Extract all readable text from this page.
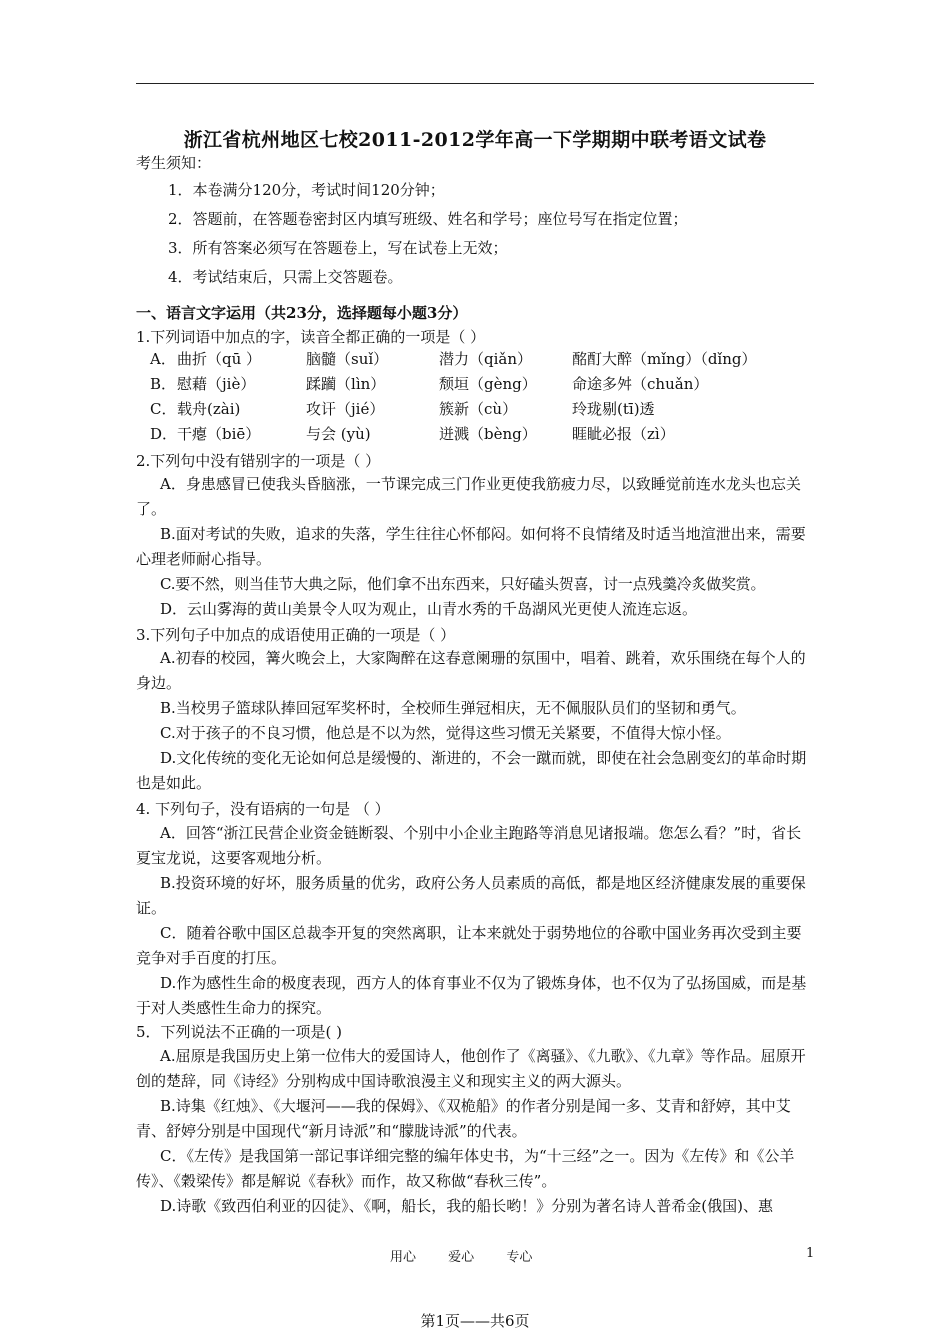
浙江省杭州地区七校2011-2012学年高一下学期期中联考语文试卷
考生须知：
1．本卷满分120分，考试时间120分钟；
2．答题前，在答题卷密封区内填写班级、姓名和学号；座位号写在指定位置；
3．所有答案必须写在答题卷上，写在试卷上无效；
4．考试结束后，只需上交答题卷。
一、语言文字运用（共23分，选择题每小题3分）
1.下列词语中加点的字，读音全都正确的一项是（ ）
A．	曲折（qū ）	脑髓（suǐ）	潜力（qiǎn）	酩酊大醉（mǐng）（dǐng）
B．	慰藉（jiè）	蹂躏（lìn）	颓垣（gèng）	命途多舛（chuǎn）
C．	载舟(zài)	攻讦（jié）	簇新（cù）	玲珑剔(tī)透
D．	干瘪（biē）	与会 (yù)	迸溅（bèng）	睚眦必报（zì）
2.下列句中没有错别字的一项是（ ）

A．身患感冒已使我头昏脑涨，一节课完成三门作业更使我筋疲力尽，以致睡觉前连水龙头也忘关了。

B.面对考试的失败，追求的失落，学生往往心怀郁闷。如何将不良情绪及时适当地渲泄出来，需要心理老师耐心指导。

C.要不然，则当佳节大典之际，他们拿不出东西来，只好磕头贺喜，讨一点残羹冷炙做奖赏。

D．云山雾海的黄山美景令人叹为观止，山青水秀的千岛湖风光更使人流连忘返。

3.下列句子中加点的成语使用正确的一项是（ ）

A.初春的校园，篝火晚会上，大家陶醉在这春意阑珊的氛围中，唱着、跳着，欢乐围绕在每个人的身边。

B.当校男子篮球队捧回冠军奖杯时，全校师生弹冠相庆，无不佩服队员们的坚韧和勇气。

C.对于孩子的不良习惯，他总是不以为然，觉得这些习惯无关紧要，不值得大惊小怪。

D.文化传统的变化无论如何总是缓慢的、渐进的，不会一蹴而就，即使在社会急剧变幻的革命时期也是如此。

4. 下列句子，没有语病的一句是 （ ）

A．回答“浙江民营企业资金链断裂、个别中小企业主跑路等消息见诸报端。您怎么看？”时，省长夏宝龙说，这要客观地分析。

B.投资环境的好坏，服务质量的优劣，政府公务人员素质的高低，都是地区经济健康发展的重要保证。

C．随着谷歌中国区总裁李开复的突然离职，让本来就处于弱势地位的谷歌中国业务再次受到主要竞争对手百度的打压。

D.作为感性生命的极度表现，西方人的体育事业不仅为了锻炼身体，也不仅为了弘扬国威，而是基于对人类感性生命力的探究。

5．下列说法不正确的一项是( )

A.屈原是我国历史上第一位伟大的爱国诗人，他创作了《离骚》、《九歌》、《九章》等作品。屈原开创的楚辞，同《诗经》分别构成中国诗歌浪漫主义和现实主义的两大源头。

B.诗集《红烛》、《大堰河——我的保姆》、《双桅船》的作者分别是闻一多、艾青和舒婷，其中艾青、舒婷分别是中国现代“新月诗派”和“朦胧诗派”的代表。

C．《左传》是我国第一部记事详细完整的编年体史书，为“十三经”之一。因为《左传》和《公羊传》、《穀梁传》都是解说《春秋》而作，故又称做“春秋三传”。

D.诗歌《致西伯利亚的囚徒》、《啊，船长，我的船长哟！》分别为著名诗人普希金(俄国)、惠

用心 爱心 专心	1
第1页——共6页
